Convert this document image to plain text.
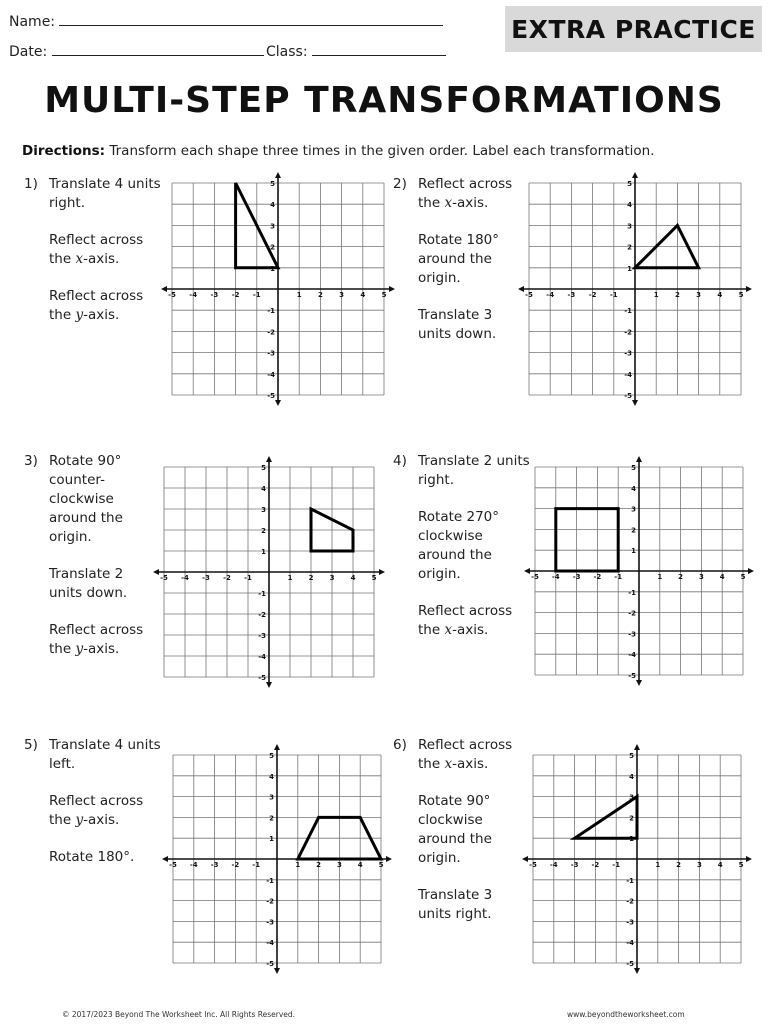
Name:
Date:	Class:
EXTRA PRACTICE
MULTI-STEP TRANSFORMATIONS
Directions: Transform each shape three times in the given order. Label each transformation.
1) Translate 4 units
right.
Reflect across
the x-axis.
Reflect across
the y-axis.
-5
-5
-4
-4
-3
-3
-2
-2
-1
-1
1
1
2
2
3
3
4
4
5
5	2) Reflect across
the x-axis.
Rotate 180°
around the
origin.
Translate 3
units down.
-5
-5
-4
-4
-3
-3
-2
-2
-1
-1
1
1
2
2
3
3
4
4
5
5
3) Rotate 90°
counter-
clockwise
around the
origin.
Translate 2
units down.
Reflect across
the y-axis.
-5
-5
-4
-4
-3
-3
-2
-2
-1
-1
1
1
2
2
3
3
4
4
5
5	4) Translate 2 units
right.
Rotate 270°
clockwise
around the
origin.
Reflect across
the x-axis.
-5
-5
-4
-4
-3
-3
-2
-2
-1
-1
1
1
2
2
3
3
4
4
5
5
5) Translate 4 units
left.
Reflect across
the y-axis.
Rotate 180°.	-5
-5
-4
-4
-3
-3
-2
-2
-1
-1
1
1
2
2
3
3
4
4
5
5
6) Reflect across
the x-axis.
Rotate 90°
clockwise
around the
origin.
Translate 3
units right.
-5
-5
-4
-4
-3
-3
-2
-2
-1
-1
1
1
2
2
3
3
4
4
5
5
© 2017/2023 Beyond The Worksheet Inc. All Rights Reserved.	www.beyondtheworksheet.com
